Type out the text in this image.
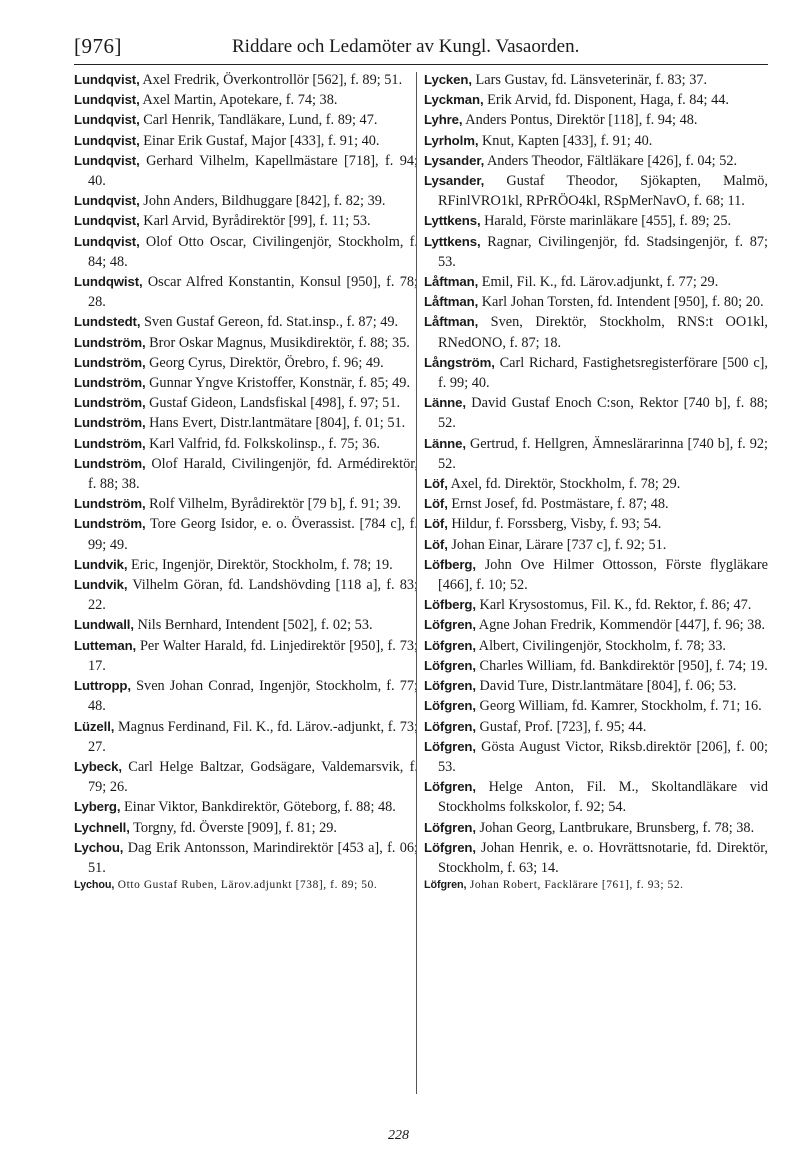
[976]	Riddare och Ledamöter av Kungl. Vasaorden.

Lundqvist, Axel Fredrik, Överkontrollör [562], f. 89; 51.

Lundqvist, Axel Martin, Apotekare, f. 74; 38.

Lundqvist, Carl Henrik, Tandläkare, Lund, f. 89; 47.

Lundqvist, Einar Erik Gustaf, Major [433], f. 91; 40.

Lundqvist, Gerhard Vilhelm, Kapellmästare [718], f. 94; 40.

Lundqvist, John Anders, Bildhuggare [842], f. 82; 39.

Lundqvist, Karl Arvid, Byrådirektör [99], f. 11; 53.

Lundqvist, Olof Otto Oscar, Civilingenjör, Stockholm, f. 84; 48.

Lundqwist, Oscar Alfred Konstantin, Konsul [950], f. 78; 28.

Lundstedt, Sven Gustaf Gereon, fd. Stat.insp., f. 87; 49.

Lundström, Bror Oskar Magnus, Musikdirektör, f. 88; 35.

Lundström, Georg Cyrus, Direktör, Örebro, f. 96; 49.

Lundström, Gunnar Yngve Kristoffer, Konstnär, f. 85; 49.

Lundström, Gustaf Gideon, Landsfiskal [498], f. 97; 51.

Lundström, Hans Evert, Distr.lantmätare [804], f. 01; 51.

Lundström, Karl Valfrid, fd. Folkskolinsp., f. 75; 36.

Lundström, Olof Harald, Civilingenjör, fd. Armédirektör, f. 88; 38.

Lundström, Rolf Vilhelm, Byrådirektör [79 b], f. 91; 39.

Lundström, Tore Georg Isidor, e. o. Överassist. [784 c], f. 99; 49.

Lundvik, Eric, Ingenjör, Direktör, Stockholm, f. 78; 19.

Lundvik, Vilhelm Göran, fd. Landshövding [118 a], f. 83; 22.

Lundwall, Nils Bernhard, Intendent [502], f. 02; 53.

Lutteman, Per Walter Harald, fd. Linjedirektör [950], f. 73; 17.

Luttropp, Sven Johan Conrad, Ingenjör, Stockholm, f. 77; 48.

Lüzell, Magnus Ferdinand, Fil. K., fd. Lärov.-adjunkt, f. 73; 27.

Lybeck, Carl Helge Baltzar, Godsägare, Valdemarsvik, f. 79; 26.

Lyberg, Einar Viktor, Bankdirektör, Göteborg, f. 88; 48.

Lychnell, Torgny, fd. Överste [909], f. 81; 29.

Lychou, Dag Erik Antonsson, Marindirektör [453 a], f. 06; 51.

Lychou, Otto Gustaf Ruben, Lärov.adjunkt [738], f. 89; 50.

Lycken, Lars Gustav, fd. Länsveterinär, f. 83; 37.

Lyckman, Erik Arvid, fd. Disponent, Haga, f. 84; 44.

Lyhre, Anders Pontus, Direktör [118], f. 94; 48.

Lyrholm, Knut, Kapten [433], f. 91; 40.

Lysander, Anders Theodor, Fältläkare [426], f. 04; 52.

Lysander, Gustaf Theodor, Sjökapten, Malmö, RFinlVRO1kl, RPrRÖO4kl, RSpMerNavO, f. 68; 11.

Lyttkens, Harald, Förste marinläkare [455], f. 89; 25.

Lyttkens, Ragnar, Civilingenjör, fd. Stadsingenjör, f. 87; 53.

Låftman, Emil, Fil. K., fd. Lärov.adjunkt, f. 77; 29.

Låftman, Karl Johan Torsten, fd. Intendent [950], f. 80; 20.

Låftman, Sven, Direktör, Stockholm, RNS:t OO1kl, RNedONO, f. 87; 18.

Långström, Carl Richard, Fastighetsregisterförare [500 c], f. 99; 40.

Länne, David Gustaf Enoch C:son, Rektor [740 b], f. 88; 52.

Länne, Gertrud, f. Hellgren, Ämneslärarinna [740 b], f. 92; 52.

Löf, Axel, fd. Direktör, Stockholm, f. 78; 29.

Löf, Ernst Josef, fd. Postmästare, f. 87; 48.

Löf, Hildur, f. Forssberg, Visby, f. 93; 54.

Löf, Johan Einar, Lärare [737 c], f. 92; 51.

Löfberg, John Ove Hilmer Ottosson, Förste flygläkare [466], f. 10; 52.

Löfberg, Karl Krysostomus, Fil. K., fd. Rektor, f. 86; 47.

Löfgren, Agne Johan Fredrik, Kommendör [447], f. 96; 38.

Löfgren, Albert, Civilingenjör, Stockholm, f. 78; 33.

Löfgren, Charles William, fd. Bankdirektör [950], f. 74; 19.

Löfgren, David Ture, Distr.lantmätare [804], f. 06; 53.

Löfgren, Georg William, fd. Kamrer, Stockholm, f. 71; 16.

Löfgren, Gustaf, Prof. [723], f. 95; 44.

Löfgren, Gösta August Victor, Riksb.direktör [206], f. 00; 53.

Löfgren, Helge Anton, Fil. M., Skoltandläkare vid Stockholms folkskolor, f. 92; 54.

Löfgren, Johan Georg, Lantbrukare, Brunsberg, f. 78; 38.

Löfgren, Johan Henrik, e. o. Hovrättsnotarie, fd. Direktör, Stockholm, f. 63; 14.

Löfgren, Johan Robert, Facklärare [761], f. 93; 52.

228
